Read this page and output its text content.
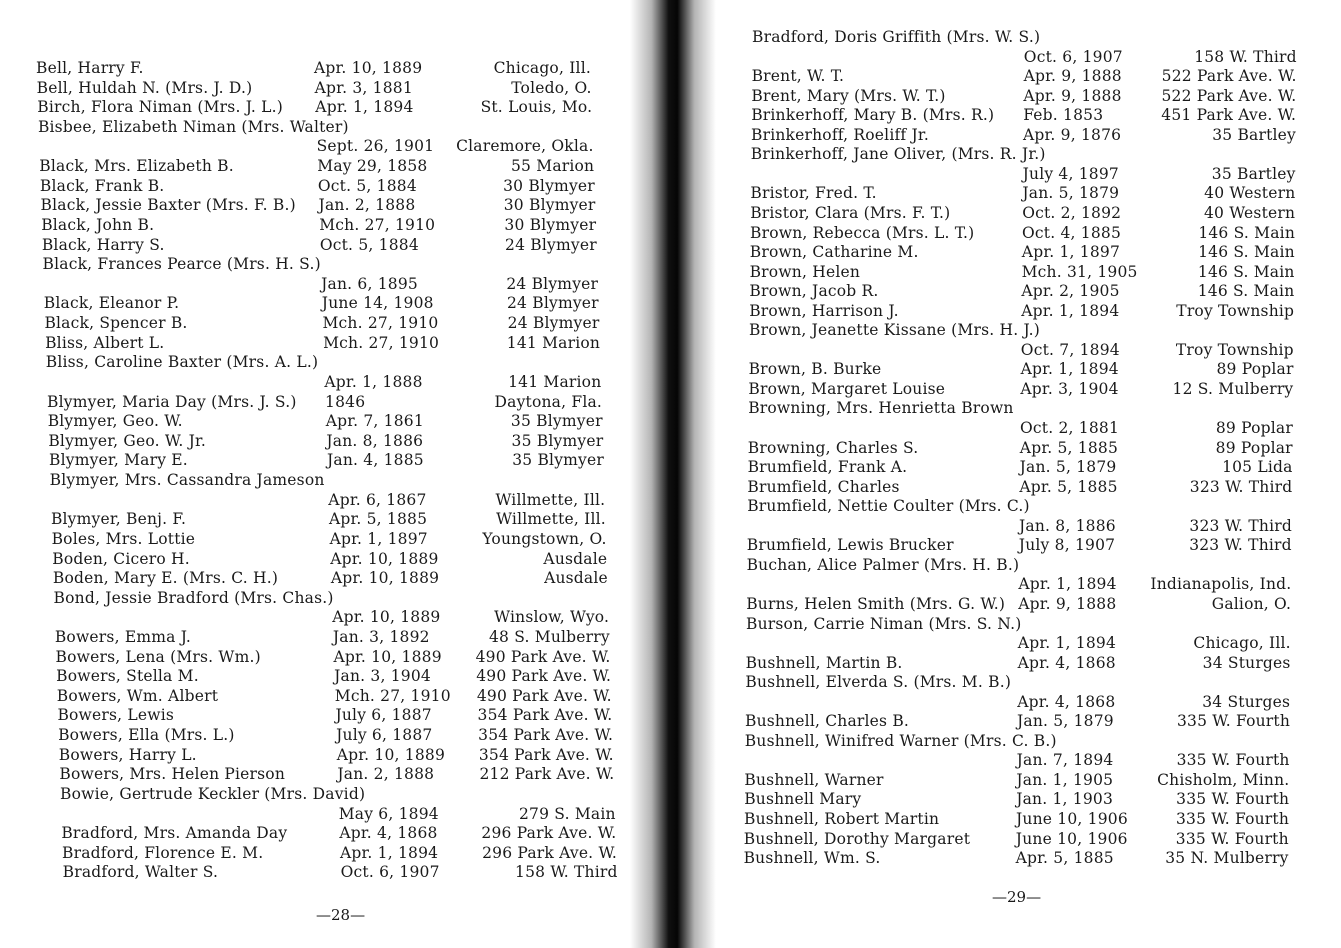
Bell, Harry F.	Apr. 10, 1889	Chicago, Ill.
Bell, Huldah N. (Mrs. J. D.)	Apr. 3, 1881	Toledo, O.
Birch, Flora Niman (Mrs. J. L.) Apr. 1, 1894	St. Louis, Mo.
Bisbee, Elizabeth Niman (Mrs. Walter)
Sept. 26, 1901	Claremore, Okla.
Black, Mrs. Elizabeth B.	May 29, 1858	55 Marion
Black, Frank B.	Oct. 5, 1884	30 Blymyer
Black, Jessie Baxter (Mrs. F. B.) Jan. 2, 1888	30 Blymyer
Black, John B.	Mch. 27, 1910	30 Blymyer
Black, Harry S.	Oct. 5, 1884	24 Blymyer
Black, Frances Pearce (Mrs. H. S.)
Jan. 6, 1895	24 Blymyer
Black, Eleanor P.	June 14, 1908	24 Blymyer
Black, Spencer B.	Mch. 27, 1910	24 Blymyer
Bliss, Albert L.	Mch. 27, 1910	141 Marion
Bliss, Caroline Baxter (Mrs. A. L.)
Apr. 1, 1888	141 Marion
Blymyer, Maria Day (Mrs. J. S.) 1846	Daytona, Fla.
Blymyer, Geo. W.	Apr. 7, 1861	35 Blymyer
Blymyer, Geo. W. Jr.	Jan. 8, 1886	35 Blymyer
Blymyer, Mary E.	Jan. 4, 1885	35 Blymyer
Blymyer, Mrs. Cassandra Jameson
Apr. 6, 1867	Willmette, Ill.
Blymyer, Benj. F.	Apr. 5, 1885	Willmette, Ill.
Boles, Mrs. Lottie	Apr. 1, 1897	Youngstown, O.
Boden, Cicero H.	Apr. 10, 1889	Ausdale
Boden, Mary E. (Mrs. C. H.)	Apr. 10, 1889	Ausdale
Bond, Jessie Bradford (Mrs. Chas.)
Apr. 10, 1889	Winslow, Wyo.
Bowers, Emma J.	Jan. 3, 1892	48 S. Mulberry
Bowers, Lena (Mrs. Wm.)	Apr. 10, 1889	490 Park Ave. W.
Bowers, Stella M.	Jan. 3, 1904	490 Park Ave. W.
Bowers, Wm. Albert	Mch. 27, 1910	490 Park Ave. W.
Bowers, Lewis	July 6, 1887	354 Park Ave. W.
Bowers, Ella (Mrs. L.)	July 6, 1887	354 Park Ave. W.
Bowers, Harry L.	Apr. 10, 1889	354 Park Ave. W.
Bowers, Mrs. Helen Pierson	Jan. 2, 1888	212 Park Ave. W.
Bowie, Gertrude Keckler (Mrs. David)
May 6, 1894	279 S. Main
Bradford, Mrs. Amanda Day	Apr. 4, 1868	296 Park Ave. W.
Bradford, Florence E. M.	Apr. 1, 1894	296 Park Ave. W.
Bradford, Walter S.	Oct. 6, 1907	158 W. Third
—28—
Bradford, Doris Griffith (Mrs. W. S.)
Oct. 6, 1907	158 W. Third
Brent, W. T.	Apr. 9, 1888	522 Park Ave. W.
Brent, Mary (Mrs. W. T.)	Apr. 9, 1888	522 Park Ave. W.
Brinkerhoff, Mary B. (Mrs. R.) Feb. 1853	451 Park Ave. W.
Brinkerhoff, Roeliff Jr.	Apr. 9, 1876	35 Bartley
Brinkerhoff, Jane Oliver, (Mrs. R. Jr.)
July 4, 1897	35 Bartley
Bristor, Fred. T.	Jan. 5, 1879	40 Western
Bristor, Clara (Mrs. F. T.)	Oct. 2, 1892	40 Western
Brown, Rebecca (Mrs. L. T.)	Oct. 4, 1885	146 S. Main
Brown, Catharine M.	Apr. 1, 1897	146 S. Main
Brown, Helen	Mch. 31, 1905	146 S. Main
Brown, Jacob R.	Apr. 2, 1905	146 S. Main
Brown, Harrison J.	Apr. 1, 1894	Troy Township
Brown, Jeanette Kissane (Mrs. H. J.)
Oct. 7, 1894	Troy Township
Brown, B. Burke	Apr. 1, 1894	89 Poplar
Brown, Margaret Louise	Apr. 3, 1904	12 S. Mulberry
Browning, Mrs. Henrietta Brown
Oct. 2, 1881	89 Poplar
Browning, Charles S.	Apr. 5, 1885	89 Poplar
Brumfield, Frank A.	Jan. 5, 1879	105 Lida
Brumfield, Charles	Apr. 5, 1885	323 W. Third
Brumfield, Nettie Coulter (Mrs. C.)
Jan. 8, 1886	323 W. Third
Brumfield, Lewis Brucker	July 8, 1907	323 W. Third
Buchan, Alice Palmer (Mrs. H. B.)
Apr. 1, 1894	Indianapolis, Ind.
Burns, Helen Smith (Mrs. G. W.) Apr. 9, 1888	Galion, O.
Burson, Carrie Niman (Mrs. S. N.)
Apr. 1, 1894	Chicago, Ill.
Bushnell, Martin B.	Apr. 4, 1868	34 Sturges
Bushnell, Elverda S. (Mrs. M. B.)
Apr. 4, 1868	34 Sturges
Bushnell, Charles B.	Jan. 5, 1879	335 W. Fourth
Bushnell, Winifred Warner (Mrs. C. B.)
Jan. 7, 1894	335 W. Fourth
Bushnell, Warner	Jan. 1, 1905	Chisholm, Minn.
Bushnell Mary	Jan. 1, 1903	335 W. Fourth
Bushnell, Robert Martin	June 10, 1906	335 W. Fourth
Bushnell, Dorothy Margaret	June 10, 1906	335 W. Fourth
Bushnell, Wm. S.	Apr. 5, 1885	35 N. Mulberry
—29—
